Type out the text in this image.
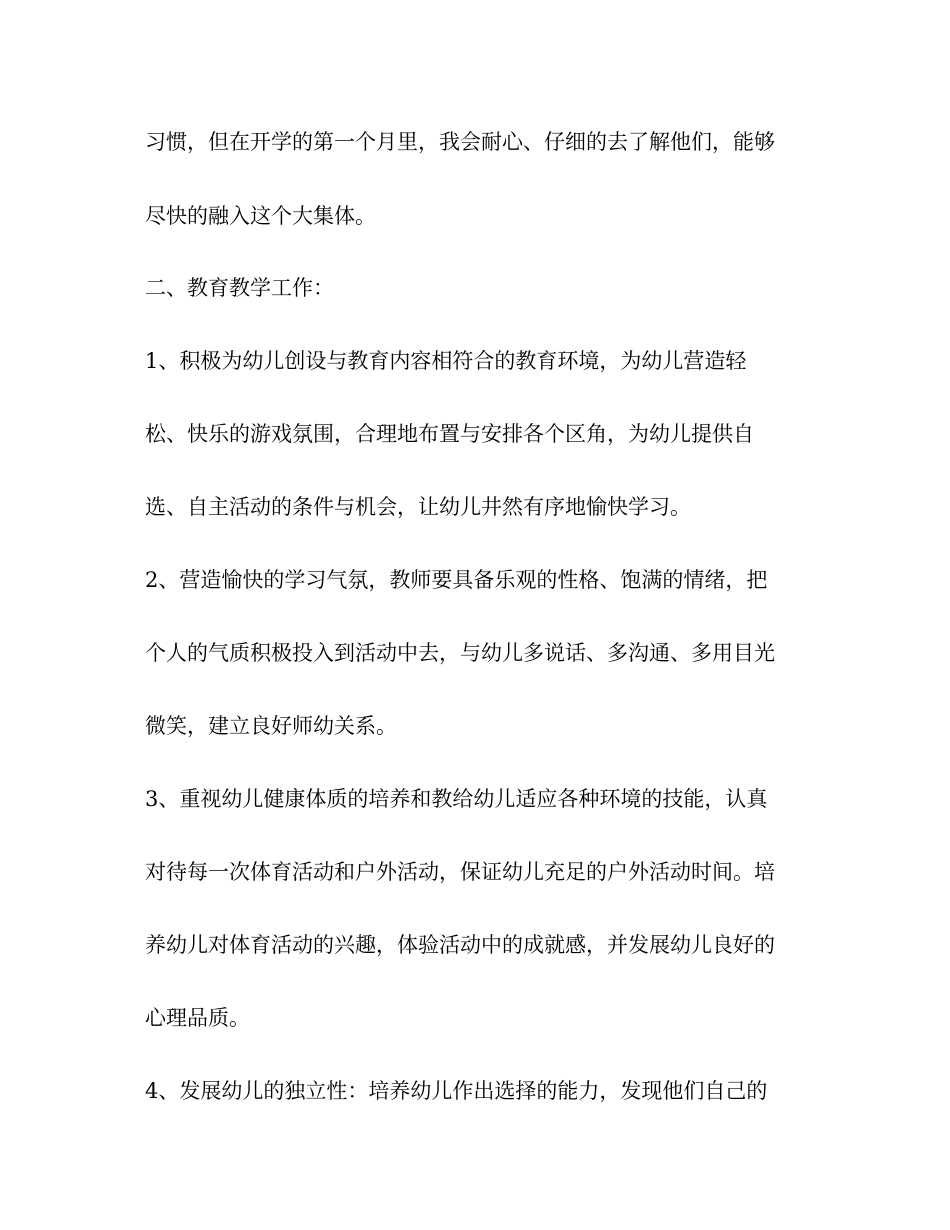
习惯，但在开学的第一个月里，我会耐心、仔细的去了解他们，能够
尽快的融入这个大集体。
二、教育教学工作：
1、积极为幼儿创设与教育内容相符合的教育环境，为幼儿营造轻
松、快乐的游戏氛围，合理地布置与安排各个区角，为幼儿提供自
选、自主活动的条件与机会，让幼儿井然有序地愉快学习。
2、营造愉快的学习气氛，教师要具备乐观的性格、饱满的情绪，把
个人的气质积极投入到活动中去，与幼儿多说话、多沟通、多用目光
微笑，建立良好师幼关系。
3、重视幼儿健康体质的培养和教给幼儿适应各种环境的技能，认真
对待每一次体育活动和户外活动，保证幼儿充足的户外活动时间。培
养幼儿对体育活动的兴趣，体验活动中的成就感，并发展幼儿良好的
心理品质。
4、发展幼儿的独立性：培养幼儿作出选择的能力，发现他们自己的
